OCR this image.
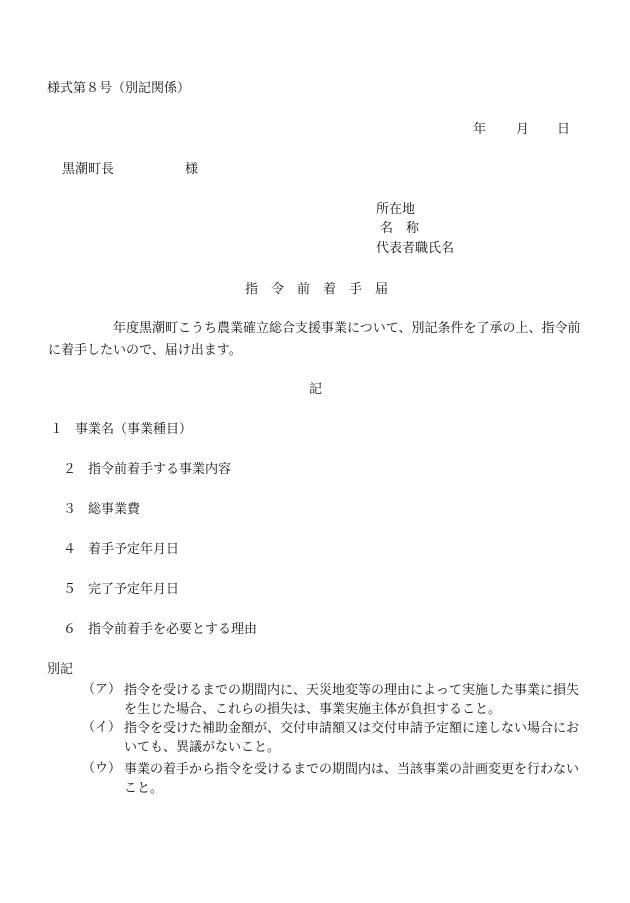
様式第８号（別記関係）
年 月 日
黒潮町長	様
所在地
名　称
代表者職氏名
指令前着手届
　　　　　年度黒潮町こうち農業確立総合支援事業について、別記条件を了承の上、指令前に着手したいので、届け出ます。
記
１ 事業名（事業種目）
２ 指令前着手する事業内容
３ 総事業費
４ 着手予定年月日
５ 完了予定年月日
６ 指令前着手を必要とする理由
別記
（ア） 指令を受けるまでの期間内に、天災地変等の理由によって実施した事業に損失を生じた場合、これらの損失は、事業実施主体が負担すること。
（イ） 指令を受けた補助金額が、交付申請額又は交付申請予定額に達しない場合においても、異議がないこと。
（ウ） 事業の着手から指令を受けるまでの期間内は、当該事業の計画変更を行わないこと。
